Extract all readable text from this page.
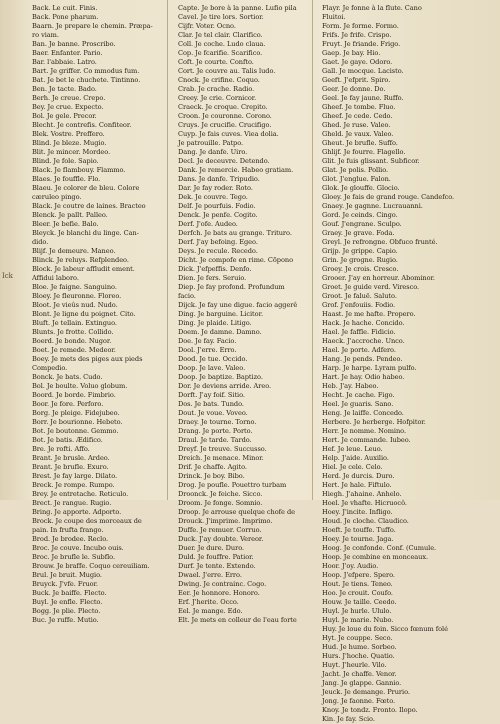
Ick
Back. Le cuit. Finis.
Back. Pone pharum.
Baarn. Je prepare le chemin. Præpa-
ro viam.
Ban. Je banne. Proscribo.
Baer. Enfanter. Pario.
Bar. l'abbaie. Latro.
Bart. Je griffer. Co mmodus fum.
Bat. Je bet le chuchete. Tintinno.
Ben. Je tacte. Bado.
Berh. Je creue. Crepo.
Bey. Je crue. Expecto.
Bol. Je gele. Precor.
Blecht. Je contrefis. Confiteor.
Blek. Vostre. Preffero.
Blind. Je bleze. Mugio.
Blit. Je mincer. Mordeo.
Blind. Je fole. Sapio.
Black. Je flambouy. Flammo.
Blaes. Je fouffle. Flo.
Blaeu. Je colorer de bleu. Colore
cæruleo pingo.
Black. Je coutre de laines. Bracteo
Blenck. Je pallt. Palleo.
Bleer. Je befie. Balo.
Bleyck. Je blanchi du linge. Can-
dido.
Blijf. Je demeure. Maneo.
Blinck. Je reluys. Refplendeo.
Block. Je labeur affludit ement.
Affidui laboro.
Bloe. Je faigne. Sanguino.
Bloey. Je fleuronne. Floreo.
Bloot. Je vieûs nud. Nudo.
Blont. Je ligne du poignet. Cito.
Bluft. Je tellain. Extinguo.
Blunts. Je frotte. Collido.
Boerd. Je bonde. Nugor.
Boet. Je remede. Medeor.
Boey. Je mets des piges aux pieds
Compedio.
Bonck. Je bats. Cudo.
Bol. Je boulte. Voluo globum.
Boord. Je borde. Fimbrio.
Boor. Je fore. Perforo.
Borg. Je pleige. Fidejubeo.
Borr. Je bourionne. Hebeto.
Bot. Je boutonne. Gemmo.
Bot. Je batis. Ædifico.
Bre. Je rofti. Affo.
Brant. Je brusle. Ardeo.
Brant. Je brufle. Exuro.
Brest. Je fay large. Dilato.
Breck. Je rompe. Rumpo.
Brey. Je entretache. Reticulo.
Brect. Je rangue. Rugio.
Bring. Je apporte. Adporto.
Brock. Je coupe des morceaux de
pain. In frufta frango.
Brod. Je brodee. Reclo.
Broc. Je couve. Incubo ouis.
Broc. Je brufle le. Subflo.
Brouw. Je braffe. Coquo cereuiliam.
Brul. Je bruit. Mugio.
Bruyck. J'vfe. Fruor.
Buck. Je baiffe. Flecto.
Buyl. Je enfle. Flecto.
Bogg. Je plie. Plecto.
Buc. Je ruffe. Mutio.
Capte. Je bore à la panne. Lufio pila
Cavel. Je tire lors. Sortior.
Cijfr. Voter. Ocno.
Clar. Je tel clair. Clarifico.
Coll. Je coche. Ludo claua.
Cop. Je fcarifie. Scarifico.
Coft. Je courte. Confto.
Cort. Je couvre au. Talis ludo.
Cnock. Je crifine. Coquo.
Crab. Je crache. Radio.
Creey. Je crie. Cornicor.
Craeck. Je croque. Crepito.
Croon. Je couronne. Corono.
Cruys. Je crucifie. Crucifigo.
Cuyp. Je fais cuves. Viea dolia.
Je patrouille. Patpo.
Dang. Je danfe. Uiro.
Decl. Je deceuvre. Detendo.
Dank. Je remercie. Habeo gratiam.
Dans. Je danfe. Tripudio.
Dar. Je fay roder. Roto.
Dek. Je couvre. Tego.
Delf. Je pourfuis. Fodio.
Denck. Je penfe. Cogito.
Derf. J'ofe. Audeo.
Derfch. Je bats au grange. Trituro.
Derf. J'ay befoing. Egeo.
Deys. Je recule. Recedo.
Dicht. Je compofe en rime. Cõpono
Dick. J'efpeffis. Denfo.
Dien. Je fers. Seruio.
Diep. Je fay profond. Profundum
facio.
Dijck. Je fay une digue. facio aggerê
Ding. Je barguine. Licitor.
Ding. Je plaide. Litigo.
Doem. Je damne. Damno.
Doe. Je fay. Facio.
Dool. J'erre. Erro.
Dood. Je tue. Occido.
Doop. Je lave. Valeo.
Doop. Je baptize. Baptizo.
Dor. Je deviens arride. Areo.
Dorft. J'ay foif. Sitio.
Dos. Je bats. Tundo.
Dout. Je voue. Voveo.
Draey. Je tourne. Torno.
Drang. Je porte. Porto.
Draul. Je tarde. Tardo.
Dreyf. Je treuve. Succusso.
Dreich. Je menace. Minor.
Drif. Je chaffe. Agito.
Drinck. Je boy. Bibo.
Drog. Je poufle. Pouettro turbam
Droonck. Je feiche. Sicco.
Droom. Je fonge. Somnio.
Droop. Je arrouse quelque chofe de
Drouck. J'imprime. Imprimo.
Duffe. Je remuer. Corruo.
Duck. J'ay doubte. Vereor.
Duer. Je dure. Duro.
Duld. Je fouffre. Patior.
Durf. Je tente. Extendo.
Dwael. J'erre. Erro.
Dwing. Je contrainc. Cogo.
Eer. Je honnore. Honoro.
Erf. J'herite. Occo.
Eel. Je mange. Edo.
Elt. Je mets en colleur de l'eau forte
Flayr. Je fonne à la flute. Cano
Fluitoi.
Form. Je forme. Formo.
Frifs. Je frife. Crispo.
Fruyt. Je friande. Frigo.
Gaep. Je bay. Hio.
Gaet. Je gaye. Odoro.
Gall. Je mocque. Lacisto.
Geeft. J'efprit. Spiro.
Geer. Je donne. Do.
Geel. Je fay jaune. Ruffo.
Gheef. Je tombe. Fluo.
Gheef. Je cede. Cedo.
Ghed. Je ruse. Valeo.
Gheld. Je vaux. Valeo.
Gheut. Je brufle. Suffo.
Ghlijf. Je fourre. Flagello.
Glit. Je fuis glissant. Subficor.
Glat. Je polis. Pollio.
Glot. J'englue. Falon.
Glok. Je glouffe. Glocio.
Gloey. Je fais de grand rouge. Candefco.
Gnaey. Je gagnne. Lucrauanni.
Gord. Je ceinds. Cingo.
Gouf. J'engrane. Sculpo.
Graey. Je grave. Foda.
Greyl. Je refrongne. Obfuco frunté.
Grijp. Je grippe. Capio.
Grin. Je grogne. Rugio.
Groey. Je crois. Cresco.
Grooer. J'ay en horreur. Abominor.
Groet. Je guide verd. Viresco.
Groot. Je faluë. Saluto.
Grof. J'enfouiis. Fodio.
Haast. Je me hafte. Propero.
Hack. Je hache. Concido.
Hael. Je faffle. Fidicio.
Haeck. J'accroche. Unco.
Hael. Je porte. Adfero.
Hang. Je pends. Pendeo.
Harp. Je harpe. Lyram pulfo.
Hart. Je hay. Odio habeo.
Heb. J'ay. Habeo.
Hecht. Je cache. Figo.
Heel. Je guaris. Sano.
Heng. Je laiffe. Concedo.
Herbere. Je herberge. Hofpitor.
Herr. Je nomme. Nomino.
Hert. Je commande. Iubeo.
Hef. Je leue. Leuo.
Help. J'aide. Auxilio.
Hiel. Je cele. Celo.
Herd. Je durcis. Duro.
Hert. Je hale. Fiftulo.
Hiegh. J'ahaine. Anhelo.
Hoel. Je vhafte. Hicruocô.
Hoey. J'incite. Infligo.
Houd. Je cloche. Claudico.
Hoeft. Je touffe. Tuffo.
Hoey. Je tourne. Jaga.
Hoog. Je confonde. Conf. (Cumule.
Hoop. Je combine en monceaux.
Hoor. J'oy. Audio.
Hoop. J'efpere. Spero.
Hout. Je tiens. Teneo.
Hoo. Je crouit. Coufo.
Houw. Je taille. Ceedo.
Huyl. Je hurle. Ululo.
Huyl. Je marie. Nubo.
Huy. Je loue du foin. Sicco fœnum folé
Hyt. Je couppe. Seco.
Hud. Je hume. Sorbeo.
Hurs. J'hoche. Quatio.
Huyt. J'heurle. Vilo.
Jacht. Je chaffe. Venor.
Jang. Je glappe. Gannio.
Jeuck. Je demange. Prurio.
Jong. Je faonne. Fœto.
Knoy. Je tondz. Fronto. Ilopo.
Kin. Je fay. Scio.
